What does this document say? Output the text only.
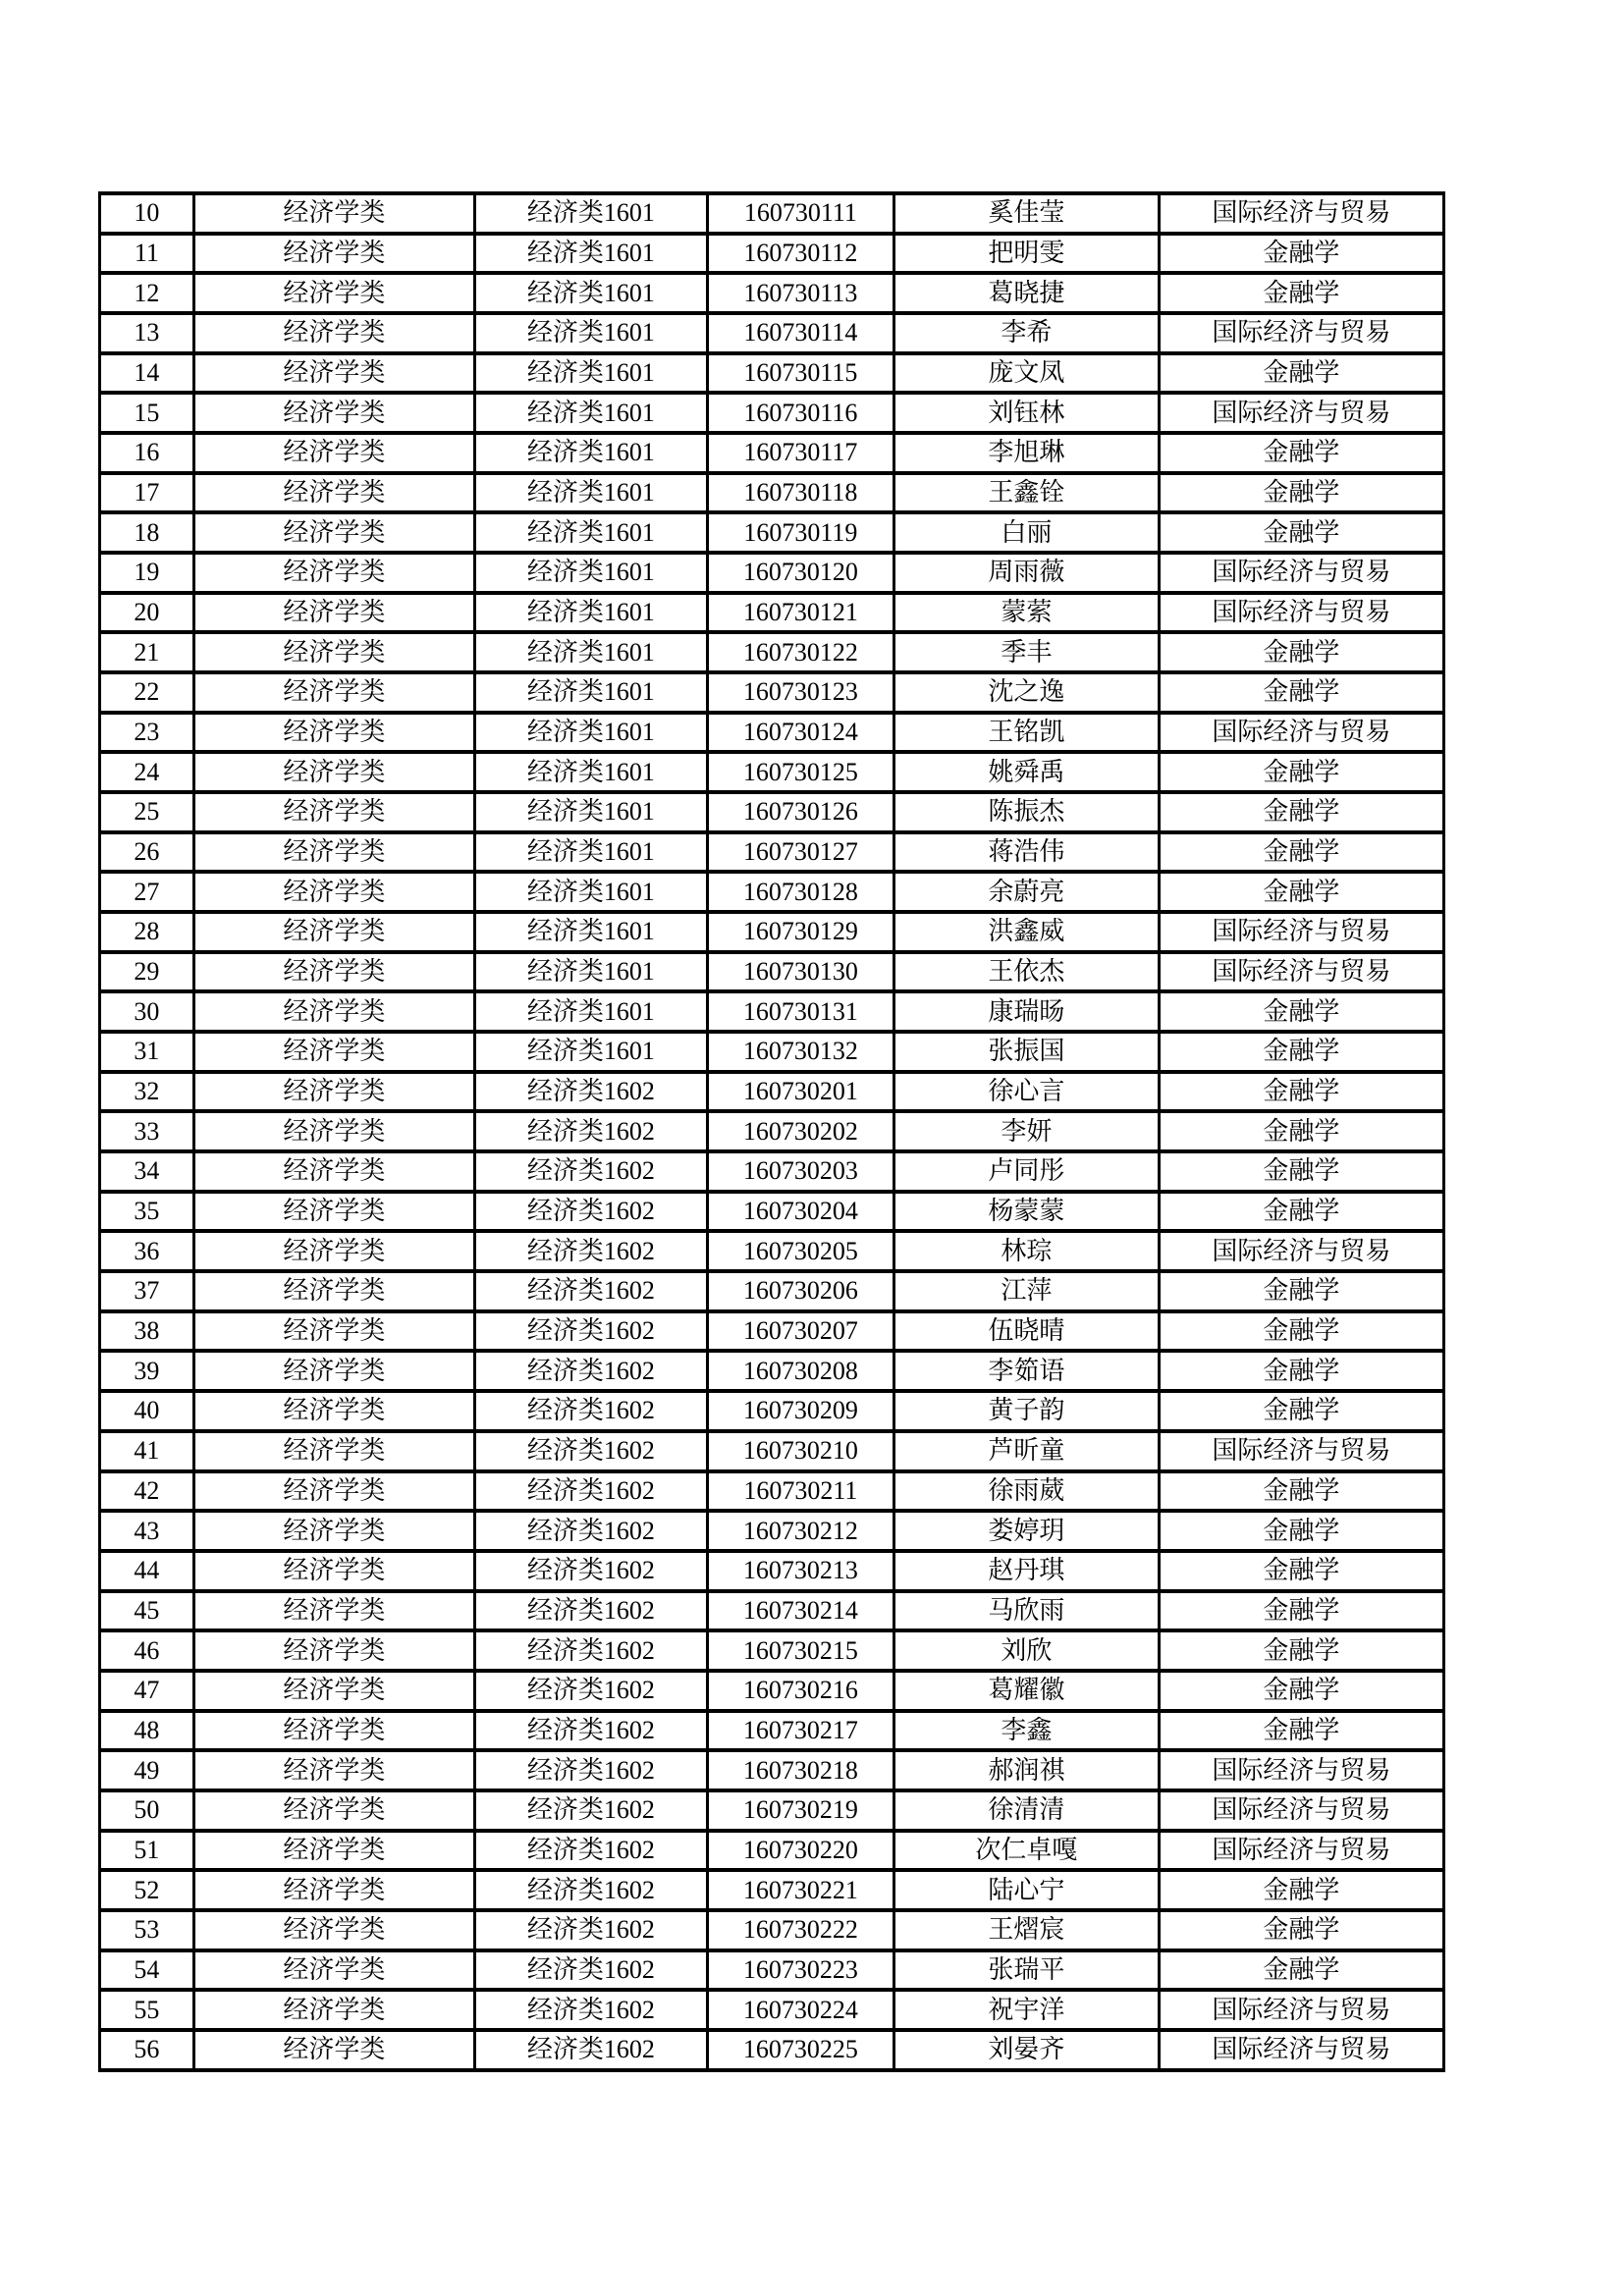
10	经济学类	经济类1601	160730111	奚佳莹	国际经济与贸易
11	经济学类	经济类1601	160730112	把明雯	金融学
12	经济学类	经济类1601	160730113	葛晓捷	金融学
13	经济学类	经济类1601	160730114	李希	国际经济与贸易
14	经济学类	经济类1601	160730115	庞文凤	金融学
15	经济学类	经济类1601	160730116	刘钰林	国际经济与贸易
16	经济学类	经济类1601	160730117	李旭琳	金融学
17	经济学类	经济类1601	160730118	王鑫铨	金融学
18	经济学类	经济类1601	160730119	白丽	金融学
19	经济学类	经济类1601	160730120	周雨薇	国际经济与贸易
20	经济学类	经济类1601	160730121	蒙萦	国际经济与贸易
21	经济学类	经济类1601	160730122	季丰	金融学
22	经济学类	经济类1601	160730123	沈之逸	金融学
23	经济学类	经济类1601	160730124	王铭凯	国际经济与贸易
24	经济学类	经济类1601	160730125	姚舜禹	金融学
25	经济学类	经济类1601	160730126	陈振杰	金融学
26	经济学类	经济类1601	160730127	蒋浩伟	金融学
27	经济学类	经济类1601	160730128	余蔚亮	金融学
28	经济学类	经济类1601	160730129	洪鑫威	国际经济与贸易
29	经济学类	经济类1601	160730130	王依杰	国际经济与贸易
30	经济学类	经济类1601	160730131	康瑞旸	金融学
31	经济学类	经济类1601	160730132	张振国	金融学
32	经济学类	经济类1602	160730201	徐心言	金融学
33	经济学类	经济类1602	160730202	李妍	金融学
34	经济学类	经济类1602	160730203	卢同彤	金融学
35	经济学类	经济类1602	160730204	杨蒙蒙	金融学
36	经济学类	经济类1602	160730205	林琮	国际经济与贸易
37	经济学类	经济类1602	160730206	江萍	金融学
38	经济学类	经济类1602	160730207	伍晓晴	金融学
39	经济学类	经济类1602	160730208	李筎语	金融学
40	经济学类	经济类1602	160730209	黄子韵	金融学
41	经济学类	经济类1602	160730210	芦昕童	国际经济与贸易
42	经济学类	经济类1602	160730211	徐雨葳	金融学
43	经济学类	经济类1602	160730212	娄婷玥	金融学
44	经济学类	经济类1602	160730213	赵丹琪	金融学
45	经济学类	经济类1602	160730214	马欣雨	金融学
46	经济学类	经济类1602	160730215	刘欣	金融学
47	经济学类	经济类1602	160730216	葛耀徽	金融学
48	经济学类	经济类1602	160730217	李鑫	金融学
49	经济学类	经济类1602	160730218	郝润祺	国际经济与贸易
50	经济学类	经济类1602	160730219	徐清清	国际经济与贸易
51	经济学类	经济类1602	160730220	次仁卓嘎	国际经济与贸易
52	经济学类	经济类1602	160730221	陆心宁	金融学
53	经济学类	经济类1602	160730222	王熠宸	金融学
54	经济学类	经济类1602	160730223	张瑞平	金融学
55	经济学类	经济类1602	160730224	祝宇洋	国际经济与贸易
56	经济学类	经济类1602	160730225	刘晏齐	国际经济与贸易
